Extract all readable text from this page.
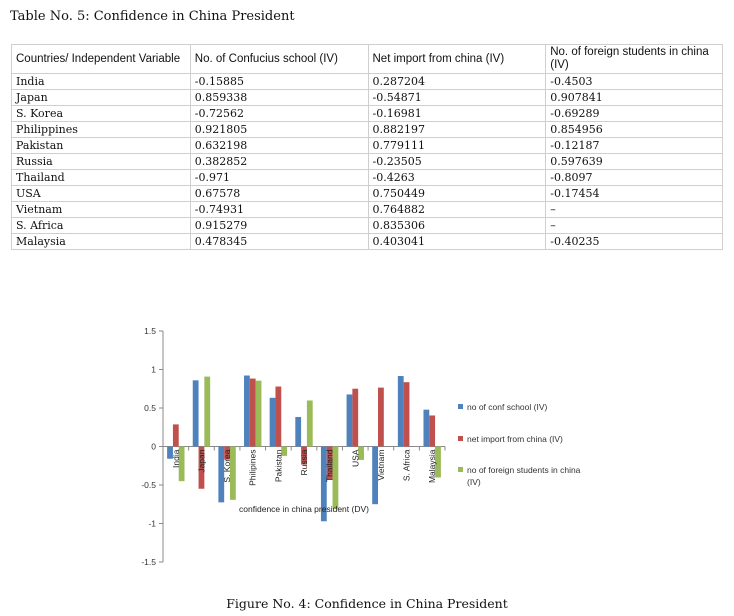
Table No. 5: Confidence in China President
Countries/ Independent Variable	No. of Confucius school (IV)	Net import from china (IV)	No. of foreign students in china (IV)
India	-0.15885	0.287204	-0.4503
Japan	0.859338	-0.54871	0.907841
S. Korea	-0.72562	-0.16981	-0.69289
Philippines	0.921805	0.882197	0.854956
Pakistan	0.632198	0.779111	-0.12187
Russia	0.382852	-0.23505	0.597639
Thailand	-0.971	-0.4263	-0.8097
USA	0.67578	0.750449	-0.17454
Vietnam	-0.74931	0.764882	–
S. Africa	0.915279	0.835306	–
Malaysia	0.478345	0.403041	-0.40235
1.5
1
0.5
0
-0.5
-1
-1.5
India Japan S. Korea Philipines Pakistan Russia Thailand USA Vietnam S. Africa Malaysia
confidence in china president (DV)
no of conf school (IV)
net import from china (IV)
no of foreign students in china
(IV)
Figure No. 4: Confidence in China President
